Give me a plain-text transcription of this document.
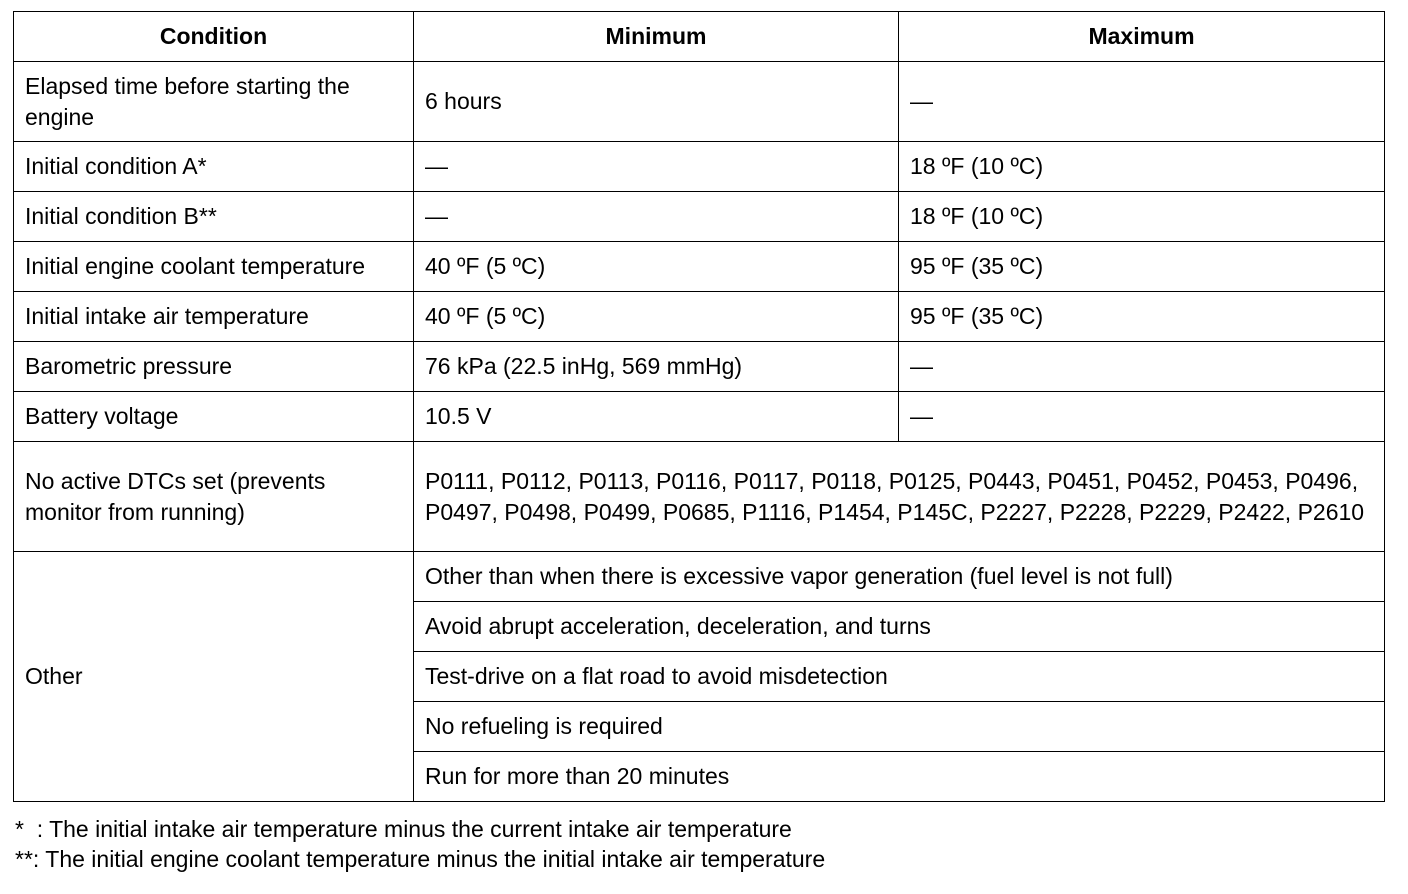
Condition	Minimum	Maximum
Elapsed time before starting the engine	6 hours	—
Initial condition A*	—	18 ºF (10 ºC)
Initial condition B**	—	18 ºF (10 ºC)
Initial engine coolant temperature	40 ºF (5 ºC)	95 ºF (35 ºC)
Initial intake air temperature	40 ºF (5 ºC)	95 ºF (35 ºC)
Barometric pressure	76 kPa (22.5 inHg, 569 mmHg)	—
Battery voltage	10.5 V	—
No active DTCs set (prevents monitor from running)	P0111, P0112, P0113, P0116, P0117, P0118, P0125, P0443, P0451, P0452, P0453, P0496, P0497, P0498, P0499, P0685, P1116, P1454, P145C, P2227, P2228, P2229, P2422, P2610	
Other	Other than when there is excessive vapor generation (fuel level is not full)	
	Avoid abrupt acceleration, deceleration, and turns	
	Test-drive on a flat road to avoid misdetection	
	No refueling is required	
	Run for more than 20 minutes	
*  : The initial intake air temperature minus the current intake air temperature
**: The initial engine coolant temperature minus the initial intake air temperature
